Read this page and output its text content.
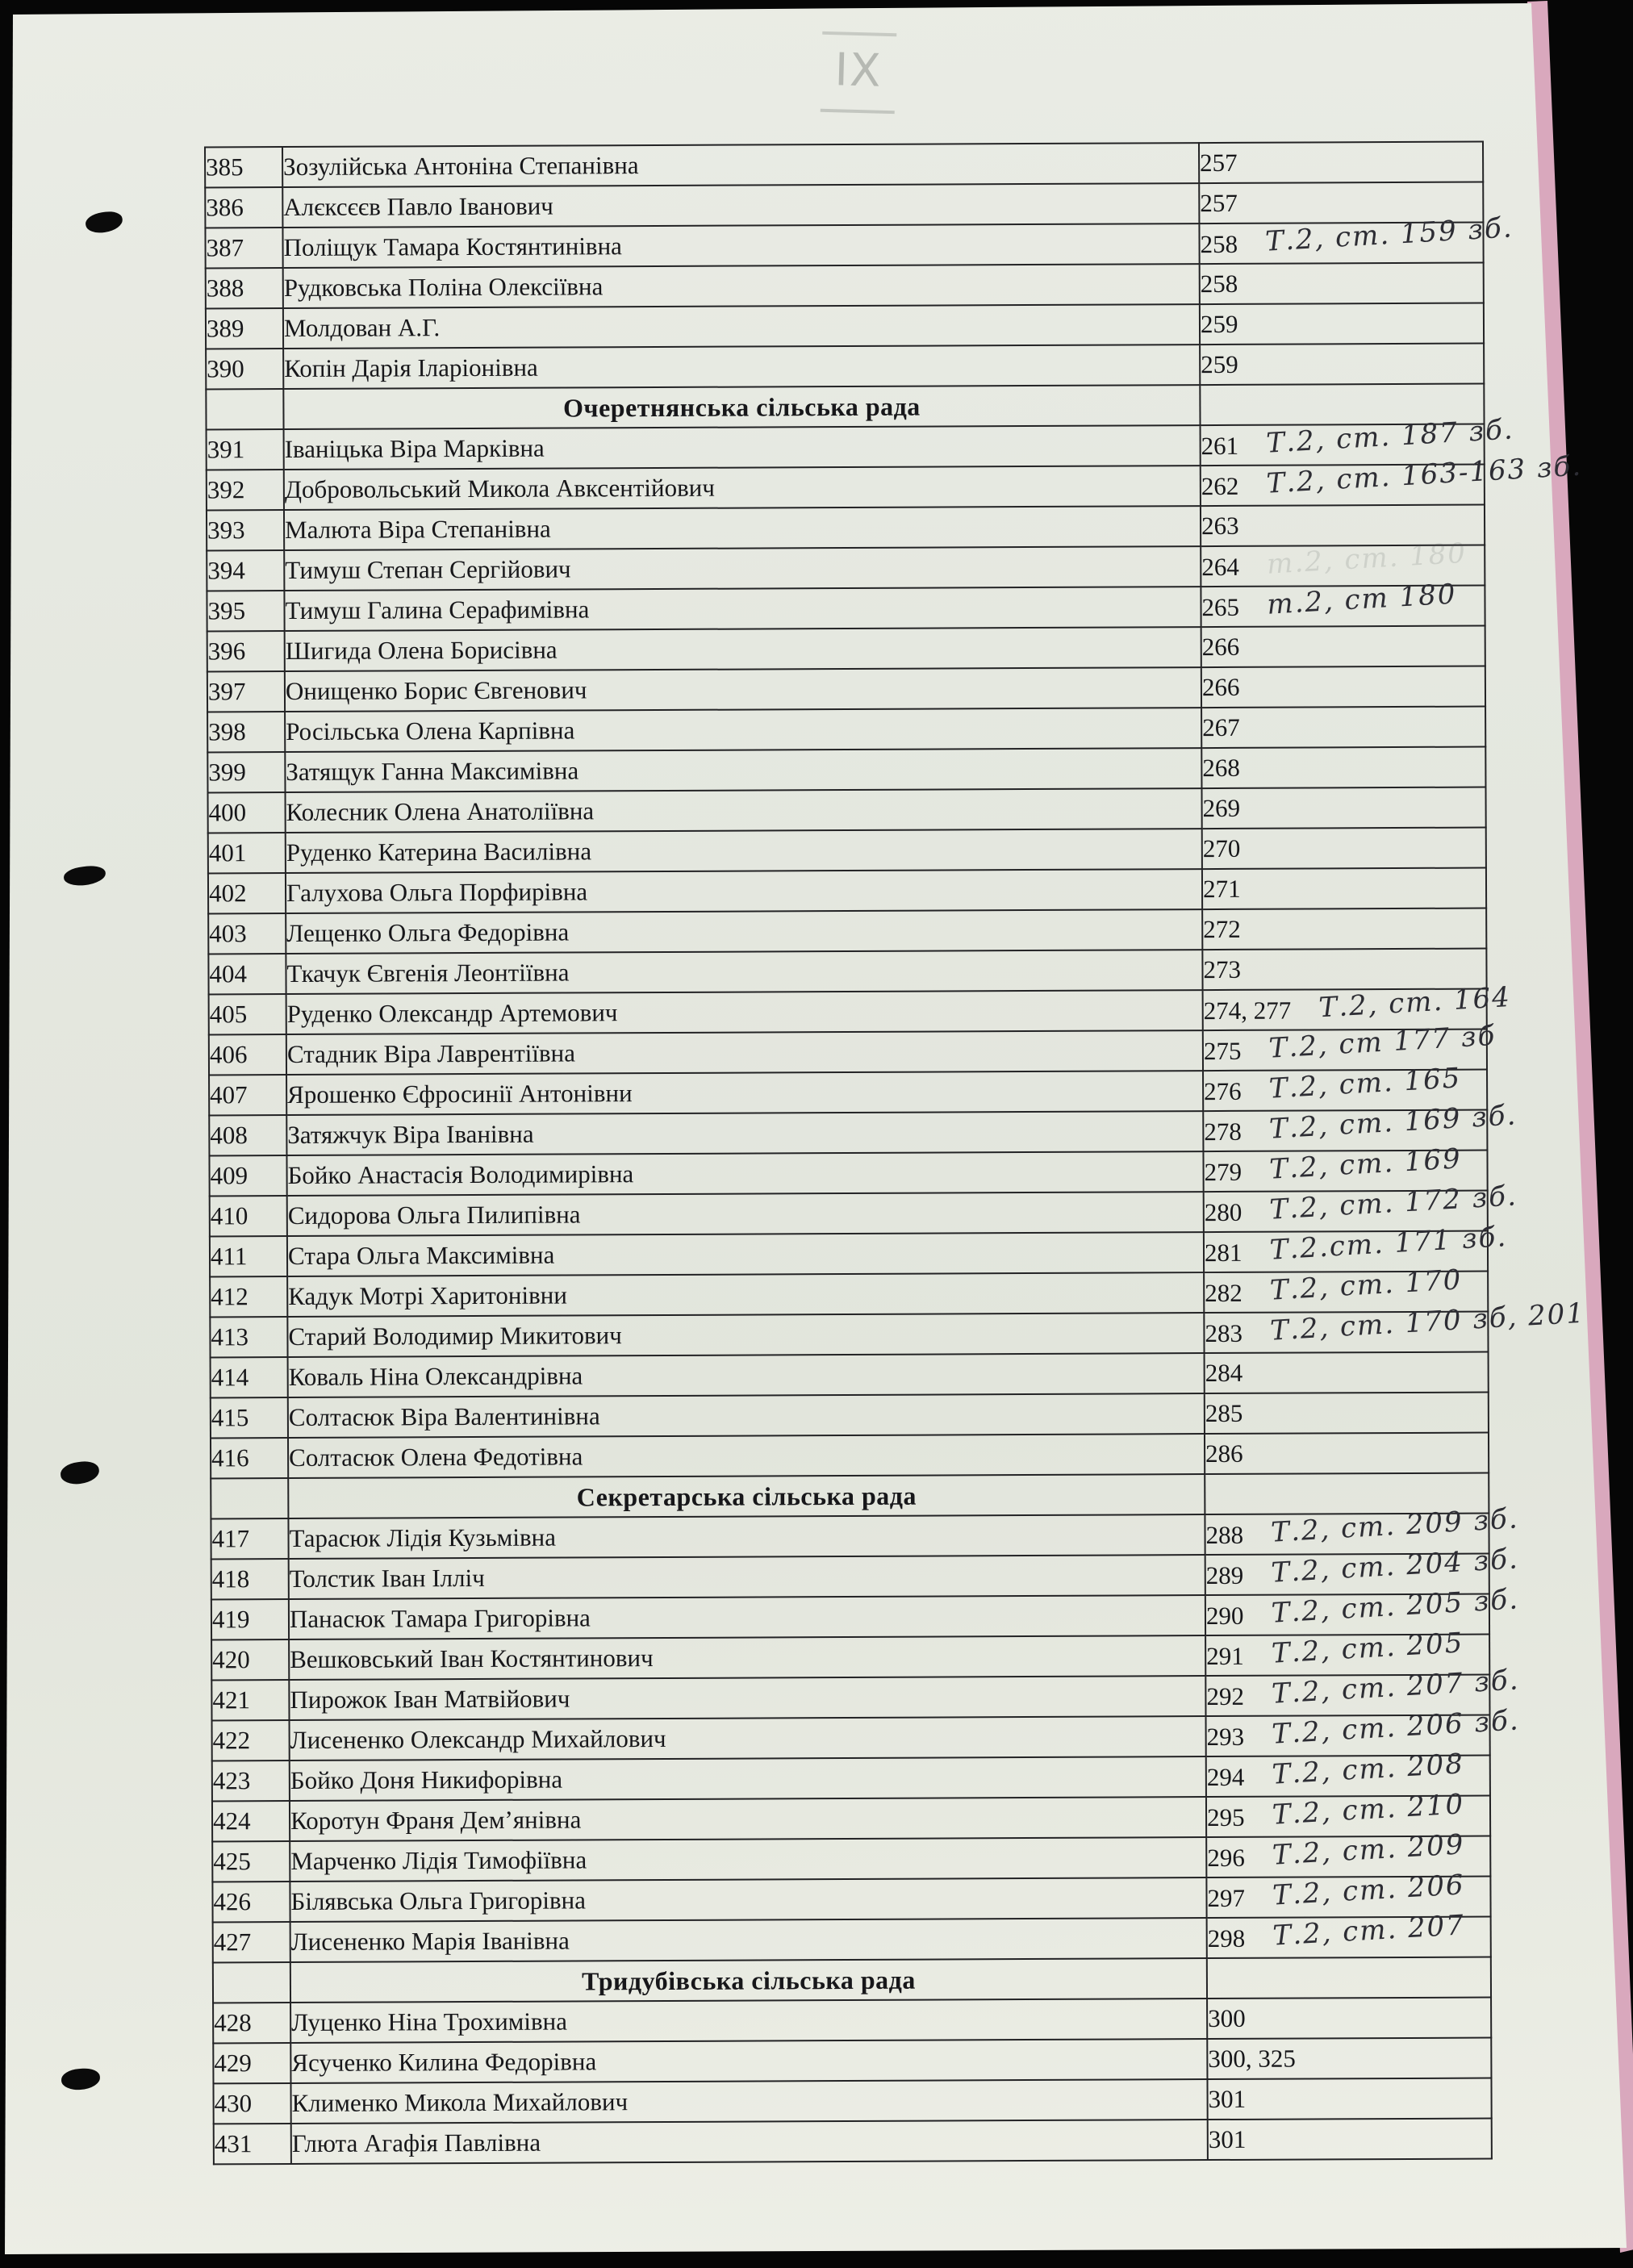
IX
385	Зозулійська Антоніна Степанівна	257
386	Алєксєєв Павло Іванович	257
387	Поліщук Тамара Костянтинівна	258 Т.2, ст. 159 зб.
388	Рудковська Поліна Олексіївна	258
389	Молдован А.Г.	259
390	Копін Дарія Іларіонівна	259
	Очеретнянська сільська рада	
391	Іваніцька Віра Марківна	261 Т.2, ст. 187 зб.
392	Добровольський Микола Авксентійович	262 Т.2, ст. 163-163 зб.
393	Малюта Віра Степанівна	263
394	Тимуш Степан Сергійович	264 т.2, ст. 180
395	Тимуш Галина Серафимівна	265 т.2, ст 180
396	Шигида Олена Борисівна	266
397	Онищенко Борис Євгенович	266
398	Росільська Олена Карпівна	267
399	Затящук Ганна Максимівна	268
400	Колесник Олена Анатоліївна	269
401	Руденко Катерина Василівна	270
402	Галухова Ольга Порфирівна	271
403	Лещенко Ольга Федорівна	272
404	Ткачук Євгенія Леонтіївна	273
405	Руденко Олександр Артемович	274, 277 Т.2, ст. 164
406	Стадник Віра Лаврентіївна	275 Т.2, ст 177 зб
407	Ярошенко Єфросинії Антонівни	276 Т.2, ст. 165
408	Затяжчук Віра Іванівна	278 Т.2, ст. 169 зб.
409	Бойко Анастасія Володимирівна	279 Т.2, ст. 169
410	Сидорова Ольга Пилипівна	280 Т.2, ст. 172 зб.
411	Стара Ольга Максимівна	281 Т.2.ст. 171 зб.
412	Кадук Мотрі Харитонівни	282 Т.2, ст. 170
413	Старий Володимир Микитович	283 Т.2, ст. 170 зб, 201
414	Коваль Ніна Олександрівна	284
415	Солтасюк Віра Валентинівна	285
416	Солтасюк Олена Федотівна	286
	Секретарська сільська рада	
417	Тарасюк Лідія Кузьмівна	288 Т.2, ст. 209 зб.
418	Толстик Іван Ілліч	289 Т.2, ст. 204 зб.
419	Панасюк Тамара Григорівна	290 Т.2, ст. 205 зб.
420	Вешковський Іван Костянтинович	291 Т.2, ст. 205
421	Пирожок Іван Матвійович	292 Т.2, ст. 207 зб.
422	Лисененко Олександр Михайлович	293 Т.2, ст. 206 зб.
423	Бойко Доня Никифорівна	294 Т.2, ст. 208
424	Коротун Франя Дем’янівна	295 Т.2, ст. 210
425	Марченко Лідія Тимофіївна	296 Т.2, ст. 209
426	Білявська Ольга Григорівна	297 Т.2, ст. 206
427	Лисененко Марія Іванівна	298 Т.2, ст. 207
	Тридубівська сільська рада	
428	Луценко Ніна Трохимівна	300
429	Ясученко Килина Федорівна	300, 325
430	Клименко Микола Михайлович	301
431	Глюта Агафія Павлівна	301
